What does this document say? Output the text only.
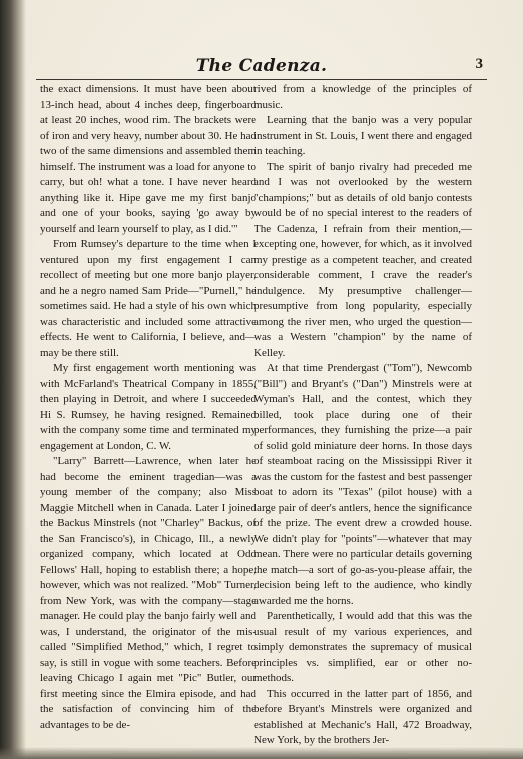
The Cadenza.	3

the exact dimensions. It must have been about 13-inch head, about 4 inches deep, fingerboard at least 20 inches, wood rim. The brackets were of iron and very heavy, number about 30. He had two of the same dimensions and assembled them himself. The instrument was a load for anyone to carry, but oh! what a tone. I have never heard anything like it. Hipe gave me my first banjo and one of your books, saying 'go away by yourself and learn yourself to play, as I did.'"

From Rumsey's departure to the time when I ventured upon my first engagement I can recollect of meeting but one more banjo player, and he a negro named Sam Pride—"Purnell," he sometimes said. He had a style of his own which was characteristic and included some attractive effects. He went to California, I believe, and—may be there still.

My first engagement worth mentioning was with McFarland's Theatrical Company in 1855, then playing in Detroit, and where I succeeded Hi S. Rumsey, he having resigned. Remained with the company some time and terminated my engagement at London, C. W.

"Larry" Barrett—Lawrence, when later he had become the eminent tragedian—was a young member of the company; also Miss Maggie Mitchell when in Canada. Later I joined the Backus Minstrels (not "Charley" Backus, of the San Francisco's), in Chicago, Ill., a newly organized company, which located at Odd Fellows' Hall, hoping to establish there; a hope, however, which was not realized. "Mob" Turner, from New York, was with the company—stage manager. He could play the banjo fairly well and was, I understand, the originator of the mis-called "Simplified Method," which, I regret to say, is still in vogue with some teachers. Before leaving Chicago I again met "Pic" Butler, our first meeting since the Elmira episode, and had the satisfaction of convincing him of the advantages to be de-

rived from a knowledge of the principles of music.

Learning that the banjo was a very popular instrument in St. Louis, I went there and engaged in teaching.

The spirit of banjo rivalry had preceded me and I was not overlooked by the western "champions;" but as details of old banjo contests would be of no special interest to the readers of The Cadenza, I refrain from their mention,—excepting one, however, for which, as it involved my prestige as a competent teacher, and created considerable comment, I crave the reader's indulgence. My presumptive challenger—presumptive from long popularity, especially among the river men, who urged the question—was a Western "champion" by the name of Kelley.

At that time Prendergast ("Tom"), Newcomb ("Bill") and Bryant's ("Dan") Minstrels were at Wyman's Hall, and the contest, which they billed, took place during one of their performances, they furnishing the prize—a pair of solid gold miniature deer horns. In those days of steamboat racing on the Mississippi River it was the custom for the fastest and best passenger boat to adorn its "Texas" (pilot house) with a large pair of deer's antlers, hence the significance of the prize. The event drew a crowded house. We didn't play for "points"—whatever that may mean. There were no particular details governing the match—a sort of go-as-you-please affair, the decision being left to the audience, who kindly awarded me the horns.

Parenthetically, I would add that this was the usual result of my various experiences, and simply demonstrates the supremacy of musical principles vs. simplified, ear or other no-methods.

This occurred in the latter part of 1856, and before Bryant's Minstrels were organized and established at Mechanic's Hall, 472 Broadway, New York, by the brothers Jer-
